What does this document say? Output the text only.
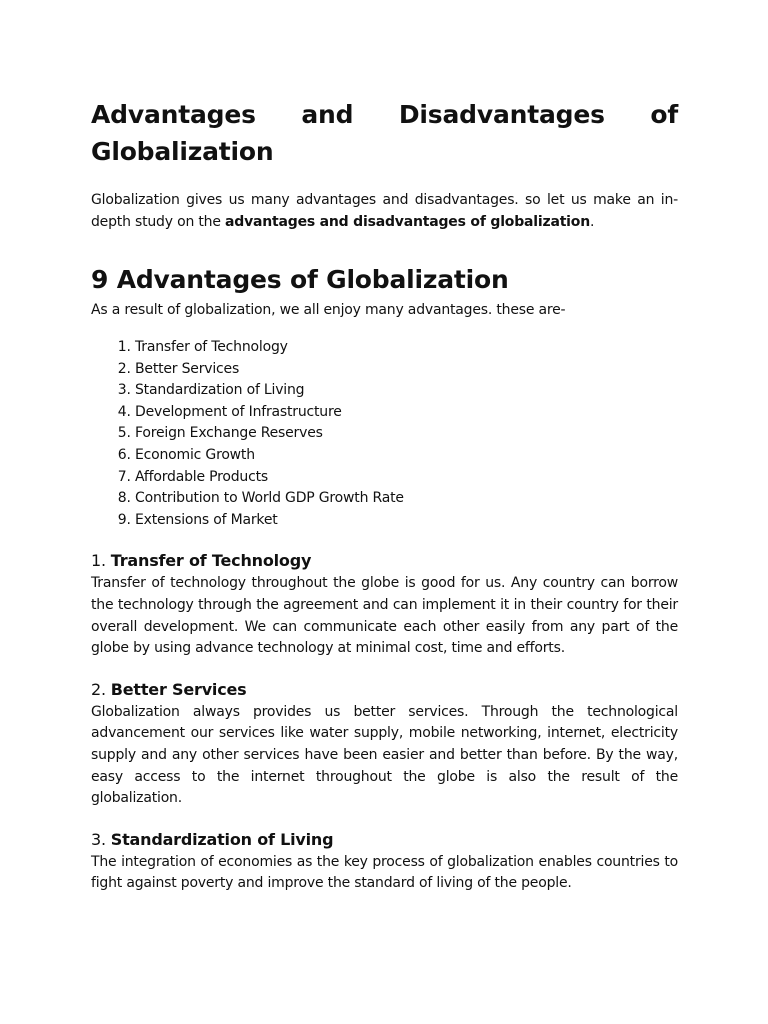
Advantages and Disadvantages of Globalization

Globalization gives us many advantages and disadvantages. so let us make an in-depth study on the advantages and disadvantages of globalization.

9 Advantages of Globalization

As a result of globalization, we all enjoy many advantages. these are-

1. Transfer of Technology
2. Better Services
3. Standardization of Living
4. Development of Infrastructure
5. Foreign Exchange Reserves
6. Economic Growth
7. Affordable Products
8. Contribution to World GDP Growth Rate
9. Extensions of Market
1. Transfer of Technology

Transfer of technology throughout the globe is good for us. Any country can borrow the technology through the agreement and can implement it in their country for their overall development. We can communicate each other easily from any part of the globe by using advance technology at minimal cost, time and efforts.

2. Better Services

Globalization always provides us better services. Through the technological advancement our services like water supply, mobile networking, internet, electricity supply and any other services have been easier and better than before. By the way, easy access to the internet throughout the globe is also the result of the globalization.

3. Standardization of Living

The integration of economies as the key process of globalization enables countries to fight against poverty and improve the standard of living of the people.
